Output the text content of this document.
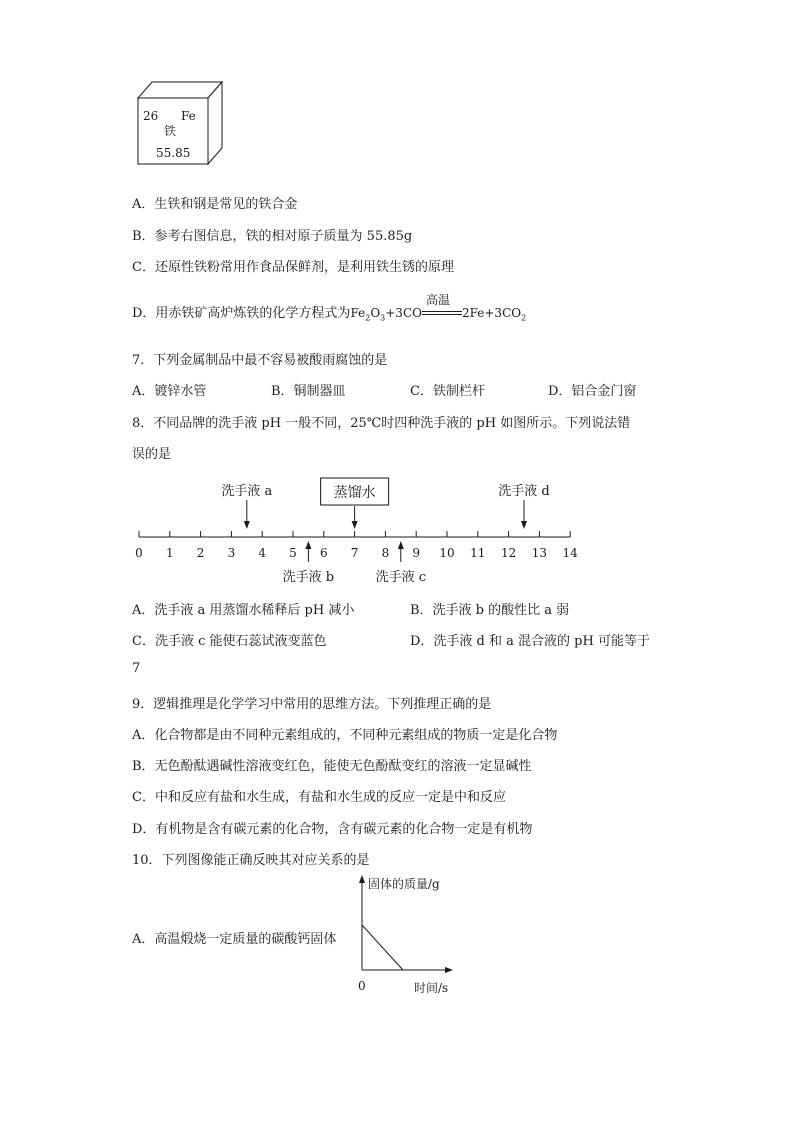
26 Fe
铁
55.85
A．生铁和钢是常见的铁合金
B．参考右图信息，铁的相对原子质量为 55.85g
C．还原性铁粉常用作食品保鲜剂，是利用铁生锈的原理
D．用赤铁矿高炉炼铁的化学方程式为$Fe_2O_3+3CO$
高温
$2Fe+3CO_2$
7．下列金属制品中最不容易被酸雨腐蚀的是
A．镀锌水管	B．铜制器皿	C．铁制栏杆	D．铝合金门窗
8．不同品牌的洗手液 pH 一般不同，25℃时四种洗手液的 pH 如图所示。下列说法错
误的是
0 1 2 3 4 5 6 7 8 9 10 11 12 13 14
洗手液 a	蒸馏水	洗手液 d
洗手液 b	洗手液 c
A．洗手液 a 用蒸馏水稀释后 pH 减小	B．洗手液 b 的酸性比 a 弱
C．洗手液 c 能使石蕊试液变蓝色	D．洗手液 d 和 a 混合液的 pH 可能等于
7
9．逻辑推理是化学学习中常用的思维方法。下列推理正确的是
A．化合物都是由不同种元素组成的，不同种元素组成的物质一定是化合物
B．无色酚酞遇碱性溶液变红色，能使无色酚酞变红的溶液一定显碱性
C．中和反应有盐和水生成，有盐和水生成的反应一定是中和反应
D．有机物是含有碳元素的化合物，含有碳元素的化合物一定是有机物
10．下列图像能正确反映其对应关系的是
A．高温煅烧一定质量的碳酸钙固体
固体的质量/g
0	时间/s
